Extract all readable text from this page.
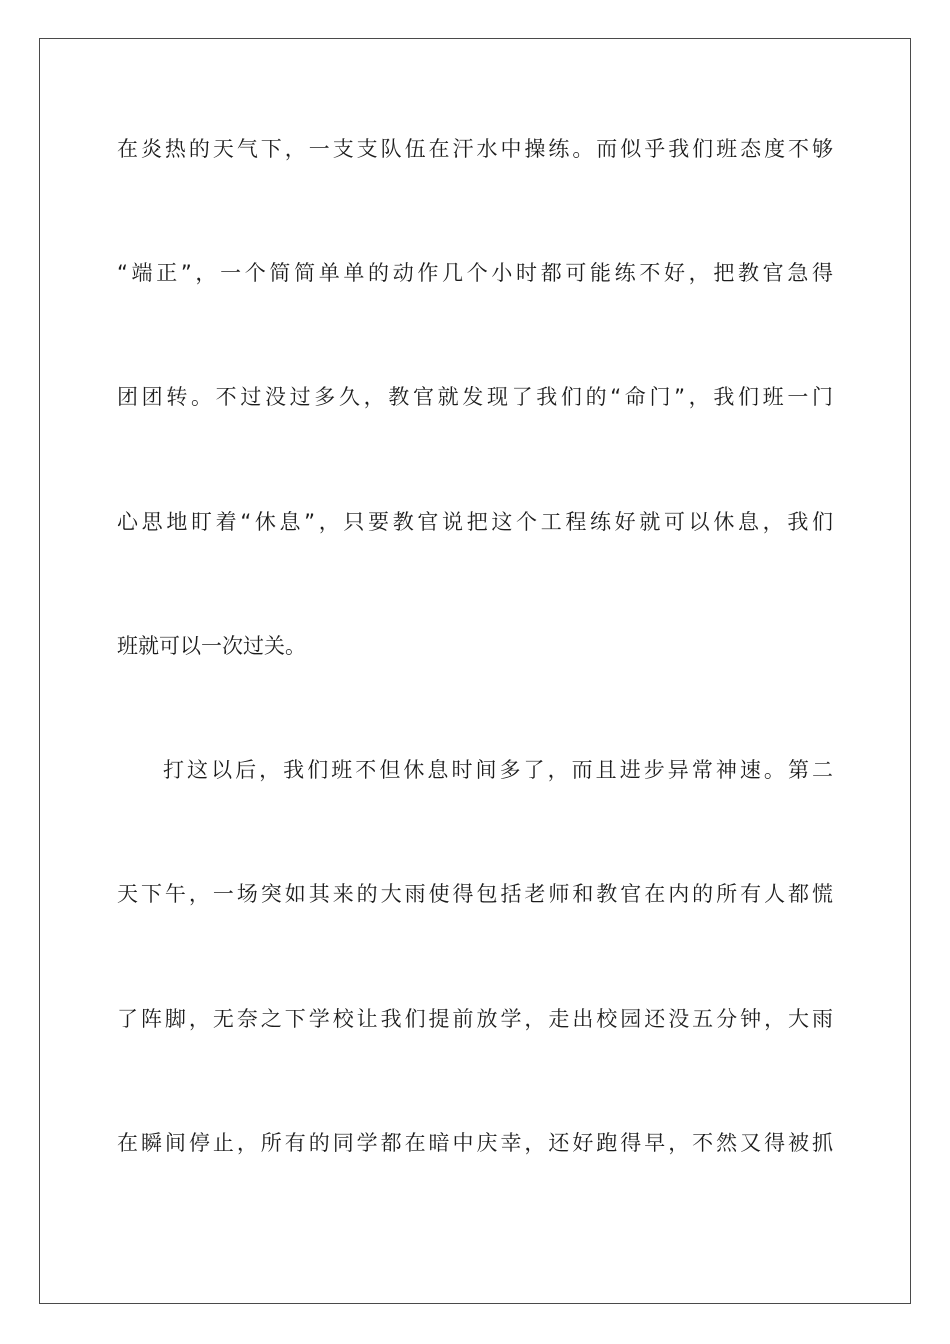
在炎热的天气下，一支支队伍在汗水中操练。而似乎我们班态度不够
“端正”，一个简简单单的动作几个小时都可能练不好，把教官急得
团团转。不过没过多久，教官就发现了我们的“命门”，我们班一门
心思地盯着“休息”，只要教官说把这个工程练好就可以休息，我们
班就可以一次过关。
打这以后，我们班不但休息时间多了，而且进步异常神速。第二
天下午，一场突如其来的大雨使得包括老师和教官在内的所有人都慌
了阵脚，无奈之下学校让我们提前放学，走出校园还没五分钟，大雨
在瞬间停止，所有的同学都在暗中庆幸，还好跑得早，不然又得被抓
